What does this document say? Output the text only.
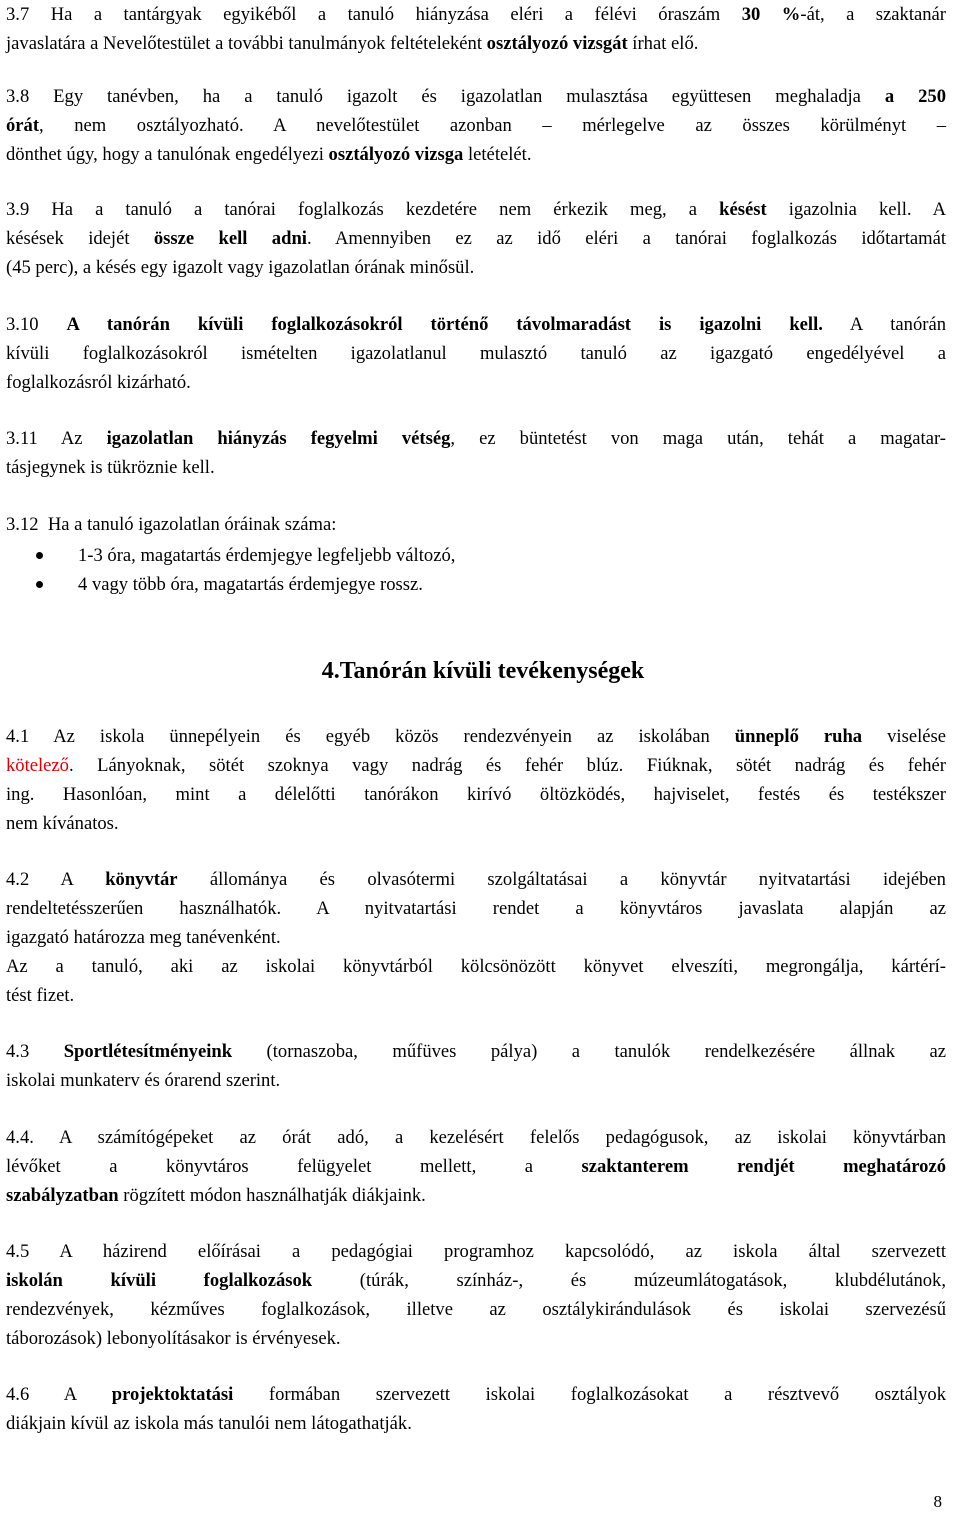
3.7 Ha a tantárgyak egyikéből a tanuló hiányzása eléri a félévi óraszám 30 %-át, a szaktanár
javaslatára a Nevelőtestület a további tanulmányok feltételeként osztályozó vizsgát írhat elő.

3.8 Egy tanévben, ha a tanuló igazolt és igazolatlan mulasztása együttesen meghaladja a 250
órát, nem osztályozható. A nevelőtestület azonban – mérlegelve az összes körülményt –
dönthet úgy, hogy a tanulónak engedélyezi osztályozó vizsga letételét.

3.9 Ha a tanuló a tanórai foglalkozás kezdetére nem érkezik meg, a késést igazolnia kell. A
késések idejét össze kell adni. Amennyiben ez az idő eléri a tanórai foglalkozás időtartamát
(45 perc), a késés egy igazolt vagy igazolatlan órának minősül.

3.10 A tanórán kívüli foglalkozásokról történő távolmaradást is igazolni kell. A tanórán
kívüli foglalkozásokról ismételten igazolatlanul mulasztó tanuló az igazgató engedélyével a
foglalkozásról kizárható.

3.11 Az igazolatlan hiányzás fegyelmi vétség, ez büntetést von maga után, tehát a magatar-
tásjegynek is tükröznie kell.

3.12  Ha a tanuló igazolatlan óráinak száma:

1-3 óra, magatartás érdemjegye legfeljebb változó,
4 vagy több óra, magatartás érdemjegye rossz.
4.Tanórán kívüli tevékenységek

4.1 Az iskola ünnepélyein és egyéb közös rendezvényein az iskolában ünneplő ruha viselése
kötelező. Lányoknak, sötét szoknya vagy nadrág és fehér blúz. Fiúknak, sötét nadrág és fehér
ing. Hasonlóan, mint a délelőtti tanórákon kirívó öltözködés, hajviselet, festés és testékszer
nem kívánatos.

4.2 A könyvtár állománya és olvasótermi szolgáltatásai a könyvtár nyitvatartási idejében
rendeltetésszerűen használhatók. A nyitvatartási rendet a könyvtáros javaslata alapján az
igazgató határozza meg tanévenként.
Az a tanuló, aki az iskolai könyvtárból kölcsönözött könyvet elveszíti, megrongálja, kártérí-
tést fizet.

4.3 Sportlétesítményeink (tornaszoba, műfüves pálya) a tanulók rendelkezésére állnak az
iskolai munkaterv és órarend szerint.

4.4. A számítógépeket az órát adó, a kezelésért felelős pedagógusok, az iskolai könyvtárban
lévőket a könyvtáros felügyelet mellett, a szaktanterem rendjét meghatározó
szabályzatban rögzített módon használhatják diákjaink.

4.5 A házirend előírásai a pedagógiai programhoz kapcsolódó, az iskola által szervezett
iskolán kívüli foglalkozások (túrák, színház-, és múzeumlátogatások, klubdélutánok,
rendezvények, kézműves foglalkozások, illetve az osztálykirándulások és iskolai szervezésű
táborozások) lebonyolításakor is érvényesek.

4.6 A projektoktatási formában szervezett iskolai foglalkozásokat a résztvevő osztályok
diákjain kívül az iskola más tanulói nem látogathatják.

8
